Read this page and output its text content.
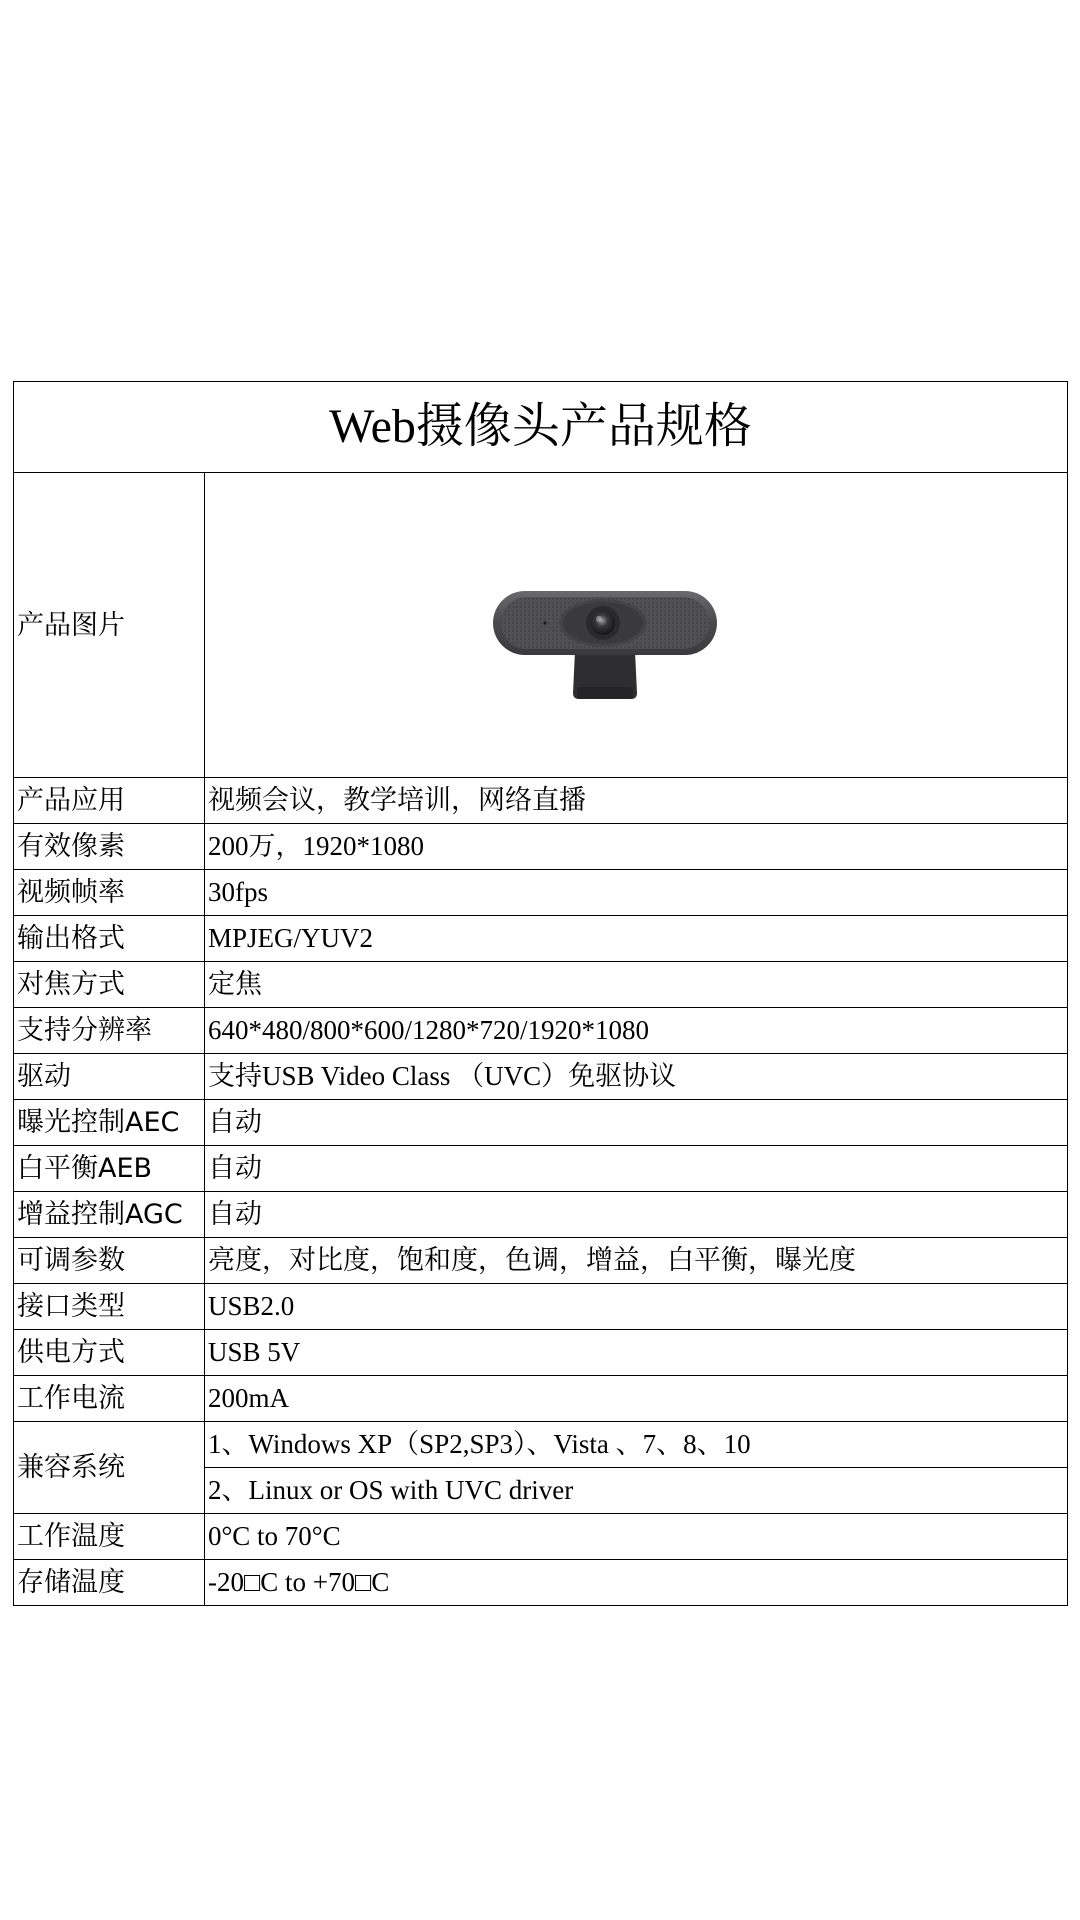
Web摄像头产品规格	
产品图片	

产品应用	视频会议，教学培训，网络直播
有效像素	200万，1920*1080
视频帧率	30fps
输出格式	MPJEG/YUV2
对焦方式	定焦
支持分辨率	640*480/800*600/1280*720/1920*1080
驱动	支持USB Video Class （UVC）免驱协议
曝光控制AEC	自动
白平衡AEB	自动
增益控制AGC	自动
可调参数	亮度，对比度，饱和度，色调，增益，白平衡，曝光度
接口类型	USB2.0
供电方式	USB 5V
工作电流	200mA
兼容系统	1、Windows XP（SP2,SP3）、Vista 、7、8、10
	2、Linux or OS with UVC driver
工作温度	0°C to 70°C
存储温度	-20□C to +70□C
